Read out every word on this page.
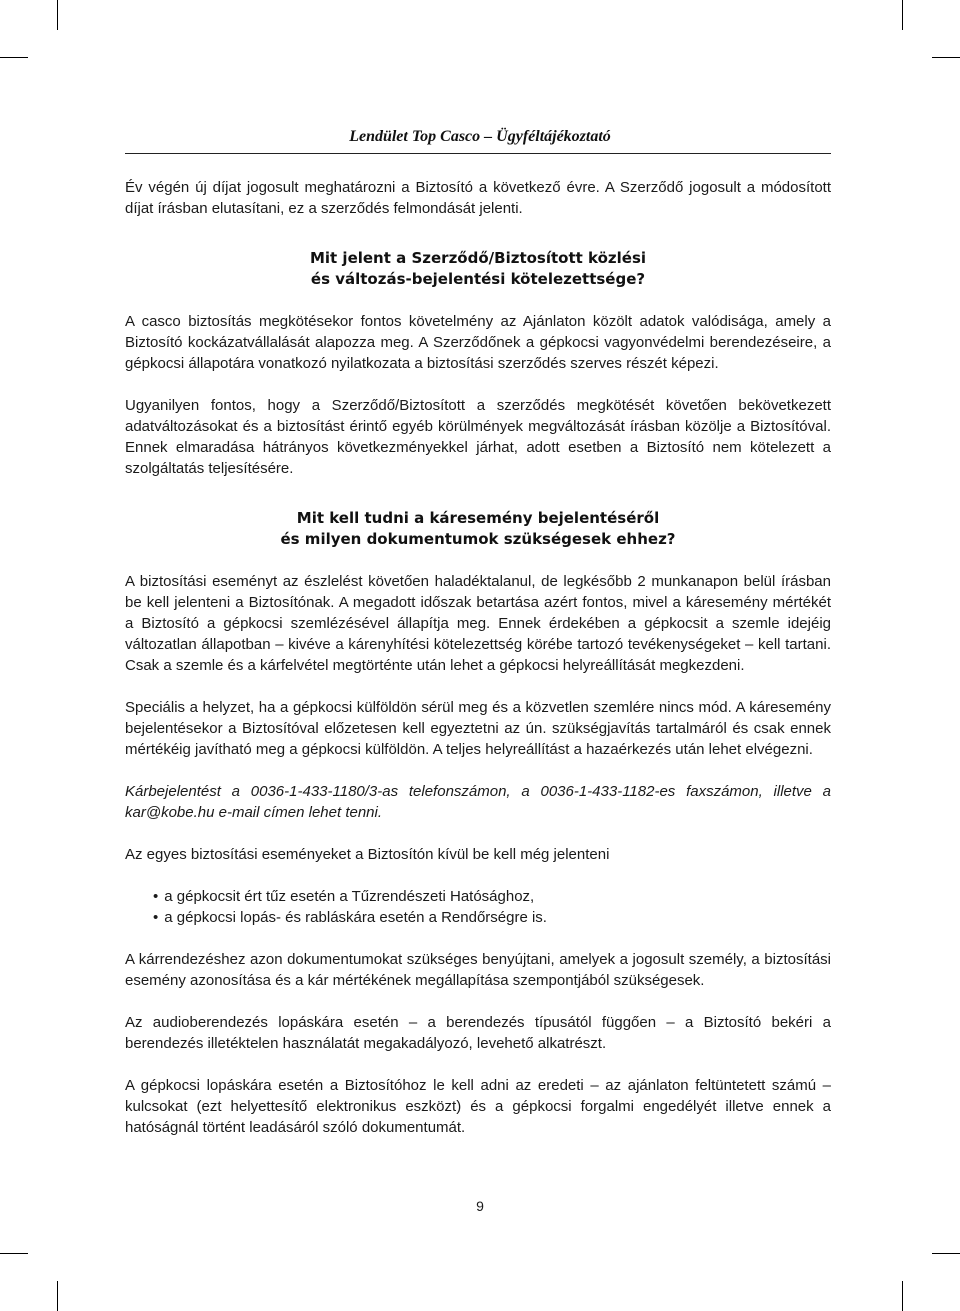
Lendület Top Casco – Ügyféltájékoztató

Év végén új díjat jogosult meghatározni a Biztosító a következő évre. A Szerződő jogosult a módosított díjat írásban elutasítani, ez a szerződés felmondását jelenti.

Mit jelent a Szerződő/Biztosított közlési
és változás-bejelentési kötelezettsége?

A casco biztosítás megkötésekor fontos követelmény az Ajánlaton közölt adatok valódisága, amely a Biztosító kockázatvállalását alapozza meg. A Szerződőnek a gépkocsi vagyonvédelmi berendezéseire, a gépkocsi állapotára vonatkozó nyilatkozata a biztosítási szerződés szerves részét képezi.

Ugyanilyen fontos, hogy a Szerződő/Biztosított a szerződés megkötését követően bekövetkezett adatváltozásokat és a biztosítást érintő egyéb körülmények megváltozását írásban közölje a Biztosítóval. Ennek elmaradása hátrányos következményekkel járhat, adott esetben a Biztosító nem kötelezett a szolgáltatás teljesítésére.

Mit kell tudni a káresemény bejelentéséről
és milyen dokumentumok szükségesek ehhez?

A biztosítási eseményt az észlelést követően haladéktalanul, de legkésőbb 2 munkanapon belül írásban be kell jelenteni a Biztosítónak. A megadott időszak betartása azért fontos, mivel a káresemény mértékét a Biztosító a gépkocsi szemlézésével állapítja meg. Ennek érdekében a gépkocsit a szemle idejéig változatlan állapotban – kivéve a kárenyhítési kötelezettség körébe tartozó tevékenységeket – kell tartani. Csak a szemle és a kárfelvétel megtörténte után lehet a gépkocsi helyreállítását megkezdeni.

Speciális a helyzet, ha a gépkocsi külföldön sérül meg és a közvetlen szemlére nincs mód. A káresemény bejelentésekor a Biztosítóval előzetesen kell egyeztetni az ún. szükségjavítás tartalmáról és csak ennek mértékéig javítható meg a gépkocsi külföldön. A teljes helyreállítást a hazaérkezés után lehet elvégezni.

Kárbejelentést a 0036-1-433-1180/3-as telefonszámon, a 0036-1-433-1182-es faxszámon, illetve a kar@kobe.hu e-mail címen lehet tenni.

Az egyes biztosítási eseményeket a Biztosítón kívül be kell még jelenteni

• a gépkocsit ért tűz esetén a Tűzrendészeti Hatósághoz,
• a gépkocsi lopás- és rabláskára esetén a Rendőrségre is.

A kárrendezéshez azon dokumentumokat szükséges benyújtani, amelyek a jogosult személy, a biztosítási esemény azonosítása és a kár mértékének megállapítása szempontjából szükségesek.

Az audioberendezés lopáskára esetén – a berendezés típusától függően – a Biztosító bekéri a berendezés illetéktelen használatát megakadályozó, levehető alkatrészt.

A gépkocsi lopáskára esetén a Biztosítóhoz le kell adni az eredeti – az ajánlaton feltüntetett számú – kulcsokat (ezt helyettesítő elektronikus eszközt) és a gépkocsi forgalmi engedélyét illetve ennek a hatóságnál történt leadásáról szóló dokumentumát.

9
